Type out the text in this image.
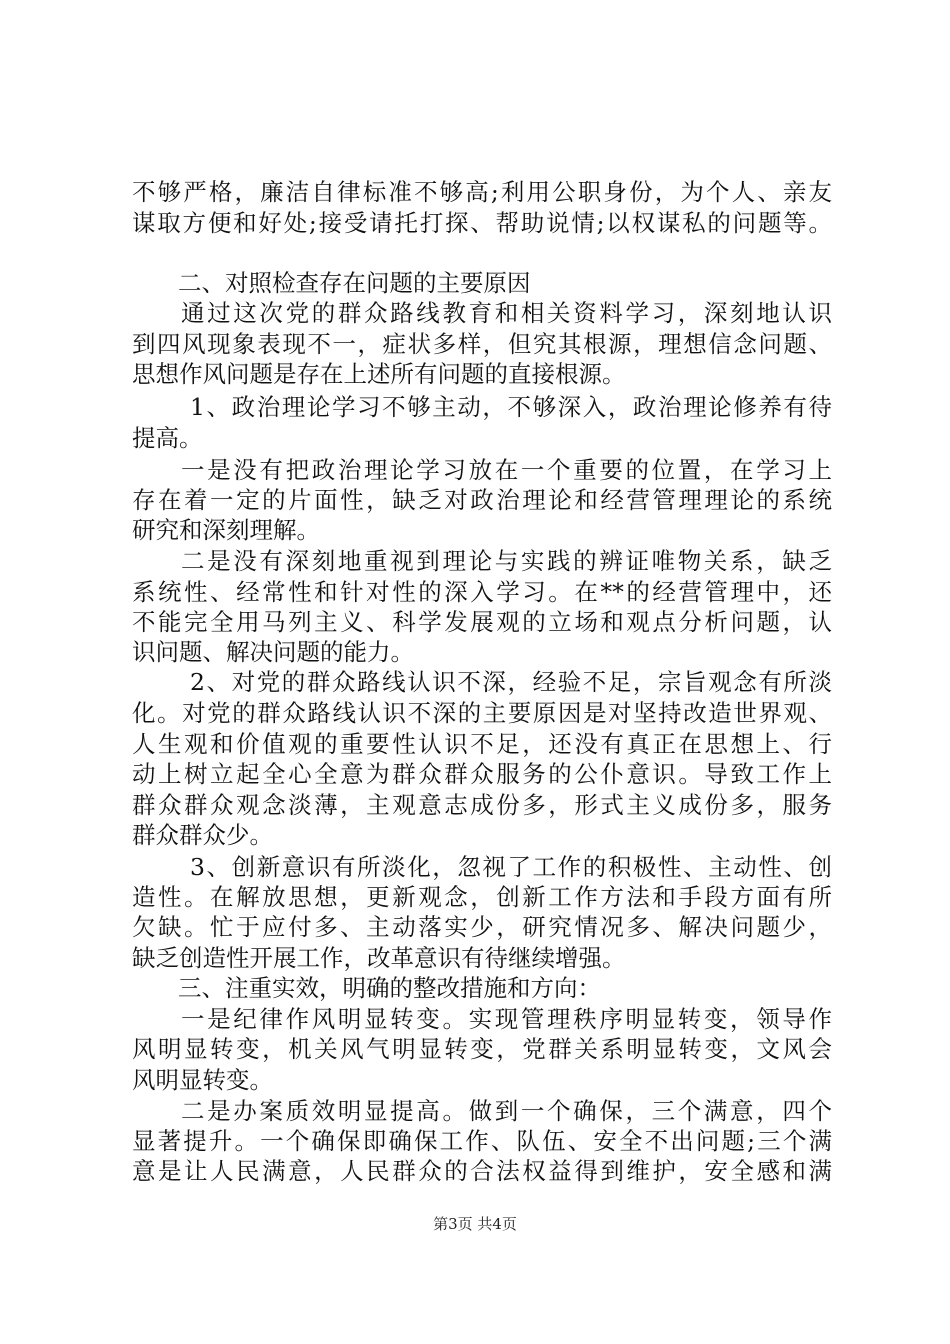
不够严格，廉洁自律标准不够高;利用公职身份，为个人、亲友
谋取方便和好处;接受请托打探、帮助说情;以权谋私的问题等。
二、对照检查存在问题的主要原因
通过这次党的群众路线教育和相关资料学习，深刻地认识
到四风现象表现不一，症状多样，但究其根源，理想信念问题、
思想作风问题是存在上述所有问题的直接根源。
1、政治理论学习不够主动，不够深入，政治理论修养有待
提高。
一是没有把政治理论学习放在一个重要的位置，在学习上
存在着一定的片面性，缺乏对政治理论和经营管理理论的系统
研究和深刻理解。
二是没有深刻地重视到理论与实践的辨证唯物关系，缺乏
系统性、经常性和针对性的深入学习。在**的经营管理中，还
不能完全用马列主义、科学发展观的立场和观点分析问题，认
识问题、解决问题的能力。
2、对党的群众路线认识不深，经验不足，宗旨观念有所淡
化。对党的群众路线认识不深的主要原因是对坚持改造世界观、
人生观和价值观的重要性认识不足，还没有真正在思想上、行
动上树立起全心全意为群众群众服务的公仆意识。导致工作上
群众群众观念淡薄，主观意志成份多，形式主义成份多，服务
群众群众少。
3、创新意识有所淡化，忽视了工作的积极性、主动性、创
造性。在解放思想，更新观念，创新工作方法和手段方面有所
欠缺。忙于应付多、主动落实少，研究情况多、解决问题少，
缺乏创造性开展工作，改革意识有待继续增强。
三、注重实效，明确的整改措施和方向：
一是纪律作风明显转变。实现管理秩序明显转变，领导作
风明显转变，机关风气明显转变，党群关系明显转变，文风会
风明显转变。
二是办案质效明显提高。做到一个确保，三个满意，四个
显著提升。一个确保即确保工作、队伍、安全不出问题;三个满
意是让人民满意，人民群众的合法权益得到维护，安全感和满
第3页 共4页
